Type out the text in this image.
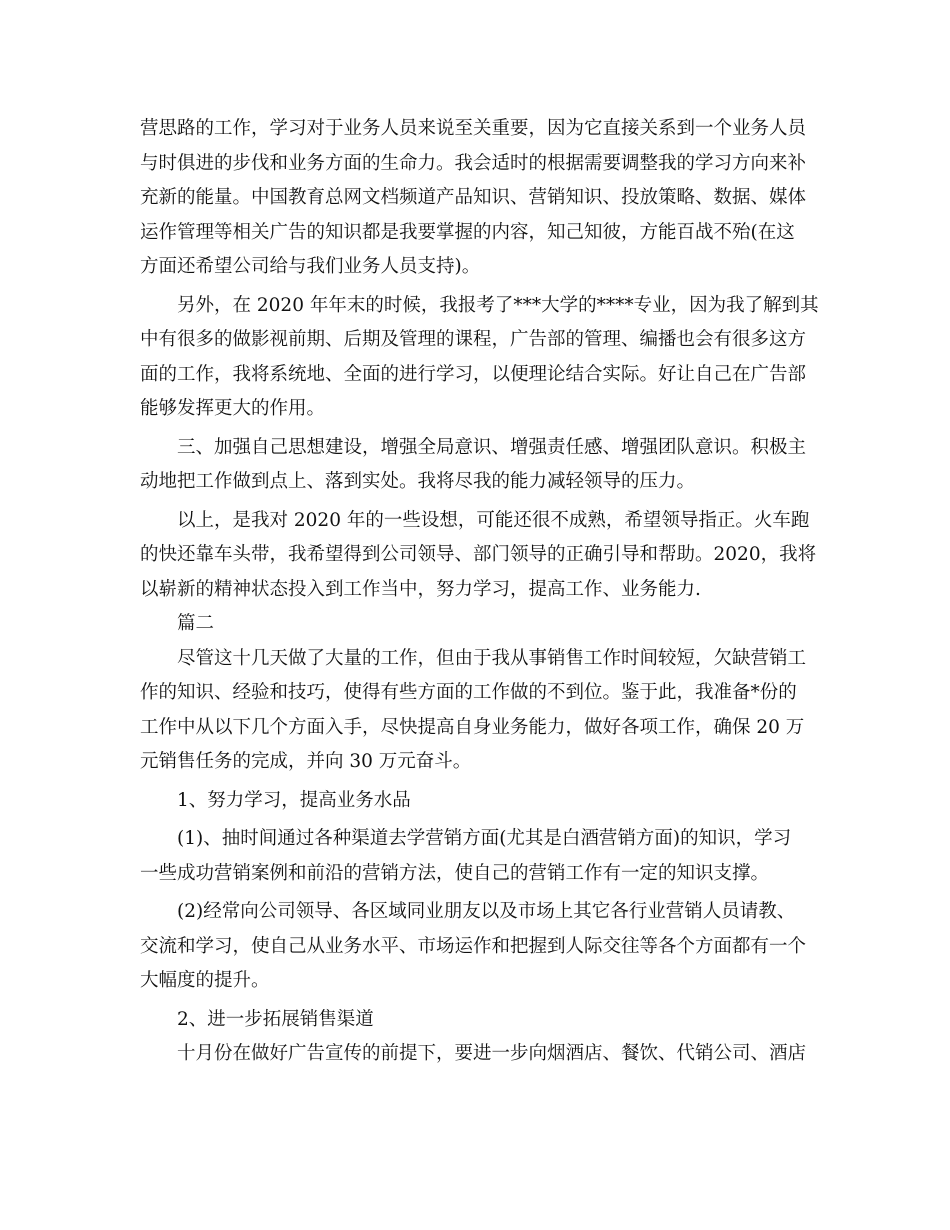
营思路的工作，学习对于业务人员来说至关重要，因为它直接关系到一个业务人员
与时俱进的步伐和业务方面的生命力。我会适时的根据需要调整我的学习方向来补
充新的能量。中国教育总网文档频道产品知识、营销知识、投放策略、数据、媒体
运作管理等相关广告的知识都是我要掌握的内容，知己知彼，方能百战不殆(在这
方面还希望公司给与我们业务人员支持)。

另外，在 2020 年年末的时候，我报考了***大学的****专业，因为我了解到其
中有很多的做影视前期、后期及管理的课程，广告部的管理、编播也会有很多这方
面的工作，我将系统地、全面的进行学习，以便理论结合实际。好让自己在广告部
能够发挥更大的作用。

三、加强自己思想建设，增强全局意识、增强责任感、增强团队意识。积极主
动地把工作做到点上、落到实处。我将尽我的能力减轻领导的压力。

以上，是我对 2020 年的一些设想，可能还很不成熟，希望领导指正。火车跑
的快还靠车头带，我希望得到公司领导、部门领导的正确引导和帮助。2020，我将
以崭新的精神状态投入到工作当中，努力学习，提高工作、业务能力.

篇二

尽管这十几天做了大量的工作，但由于我从事销售工作时间较短，欠缺营销工
作的知识、经验和技巧，使得有些方面的工作做的不到位。鉴于此，我准备*份的
工作中从以下几个方面入手，尽快提高自身业务能力，做好各项工作，确保 20 万
元销售任务的完成，并向 30 万元奋斗。

1、努力学习，提高业务水品

(1)、抽时间通过各种渠道去学营销方面(尤其是白酒营销方面)的知识，学习
一些成功营销案例和前沿的营销方法，使自己的营销工作有一定的知识支撑。

(2)经常向公司领导、各区域同业朋友以及市场上其它各行业营销人员请教、
交流和学习，使自己从业务水平、市场运作和把握到人际交往等各个方面都有一个
大幅度的提升。

2、进一步拓展销售渠道

十月份在做好广告宣传的前提下，要进一步向烟酒店、餐饮、代销公司、酒店
